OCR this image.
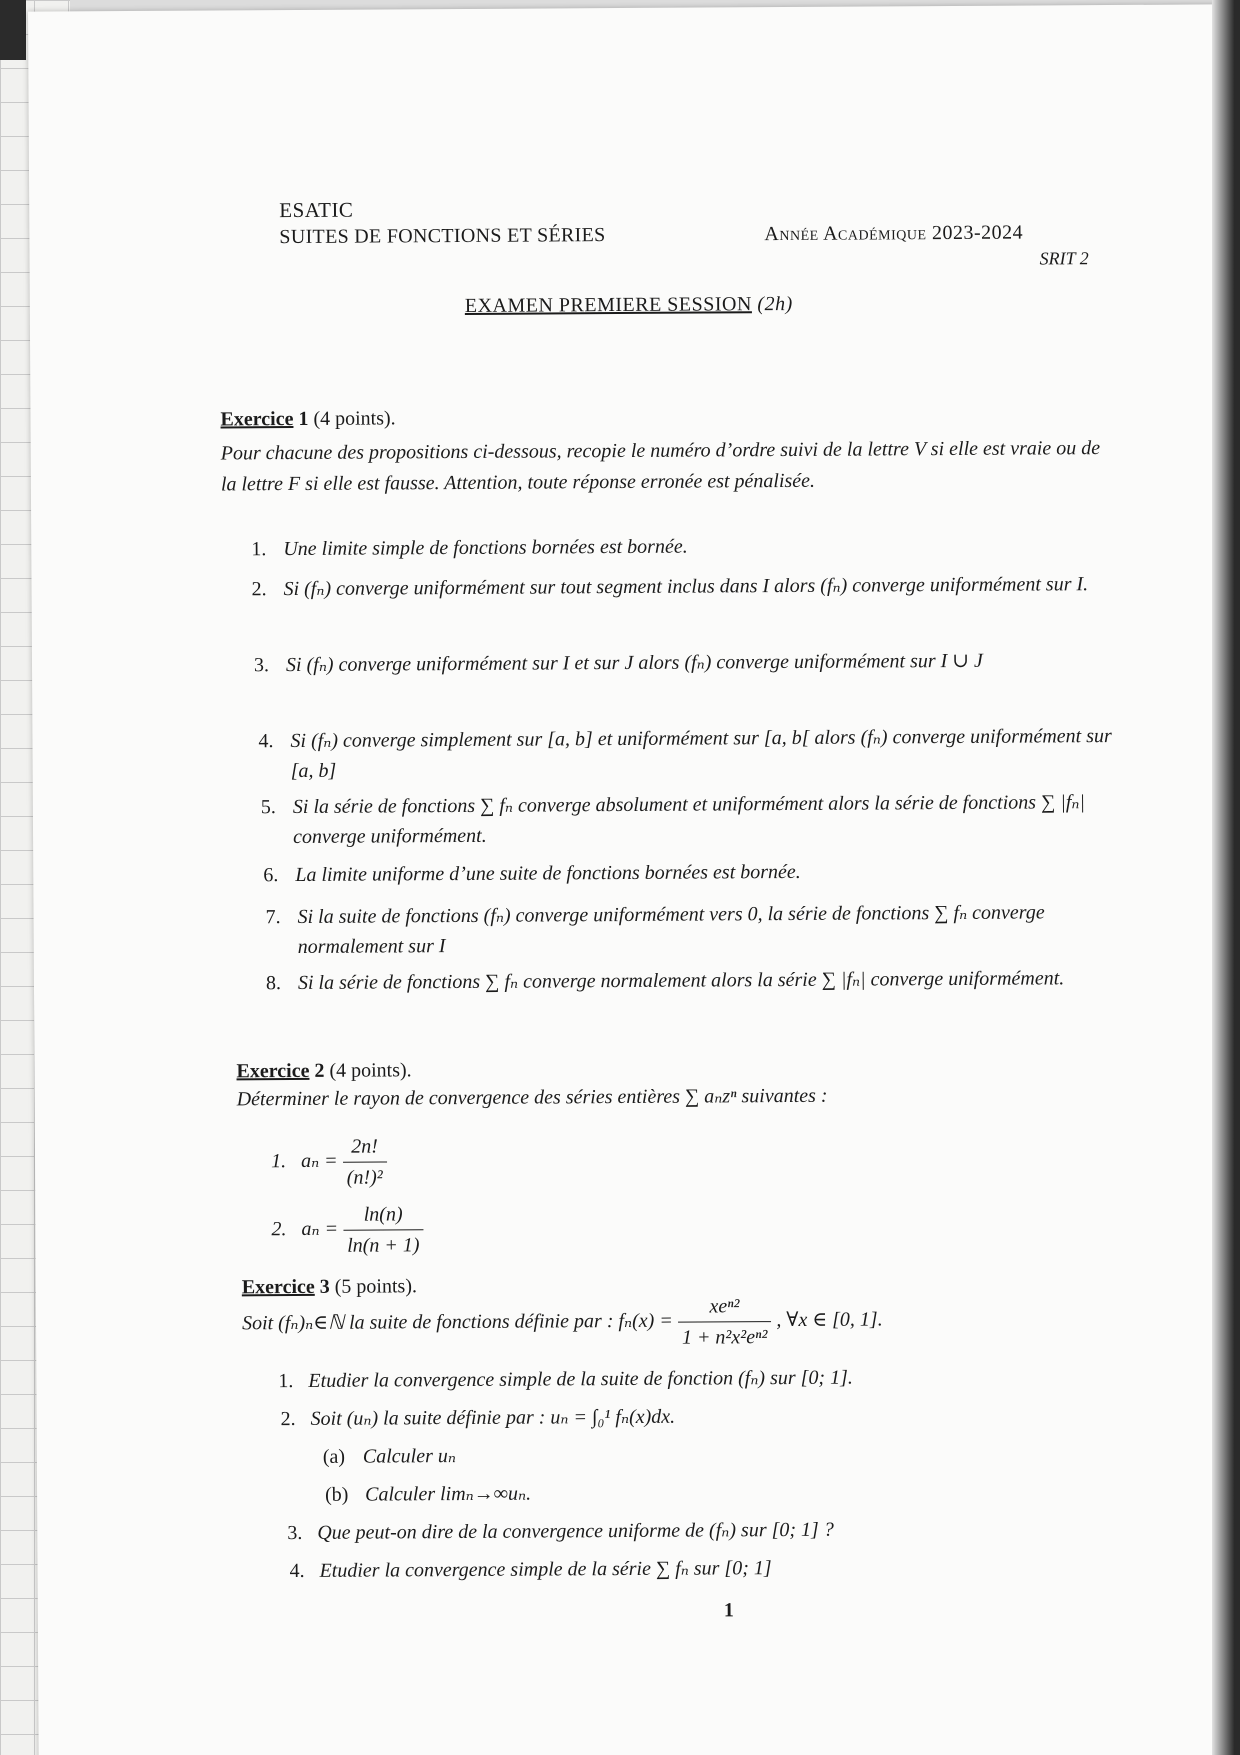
ESATIC
SUITES DE FONCTIONS ET SÉRIES	Année Académique 2023-2024
SRIT 2
EXAMEN PREMIERE SESSION (2h)
Exercice 1 (4 points).
Pour chacune des propositions ci-dessous, recopie le numéro d’ordre suivi de la lettre V si elle est vraie ou de la lettre F si elle est fausse. Attention, toute réponse erronée est pénalisée.
1. Une limite simple de fonctions bornées est bornée.
2. Si (fₙ) converge uniformément sur tout segment inclus dans I alors (fₙ) converge uniformément sur I.
3. Si (fₙ) converge uniformément sur I et sur J alors (fₙ) converge uniformément sur I ∪ J
4. Si (fₙ) converge simplement sur [a, b] et uniformément sur [a, b[ alors (fₙ) converge uniformément sur [a, b]
5. Si la série de fonctions ∑ fₙ converge absolument et uniformément alors la série de fonctions ∑ |fₙ| converge uniformément.
6. La limite uniforme d’une suite de fonctions bornées est bornée.
7. Si la suite de fonctions (fₙ) converge uniformément vers 0, la série de fonctions ∑ fₙ converge normalement sur I
8. Si la série de fonctions ∑ fₙ converge normalement alors la série ∑ |fₙ| converge uniformément.
Exercice 2 (4 points).
Déterminer le rayon de convergence des séries entières ∑ aₙzⁿ suivantes :
1. $a_n = \frac{2n!}{\text{(n!)²}}$
2. $a_n = \frac{\ln(n)}{\ln(n + 1)}$
Exercice 3 (5 points).
Soit (fₙ)ₙ∈ℕ la suite de fonctions définie par : $f_n(x) = \frac{\text{xeⁿ²}}{\text{1 + n²x²eⁿ²}}$ , ∀x ∈ [0, 1].
1. Etudier la convergence simple de la suite de fonction (fₙ) sur [0; 1].
2. Soit (uₙ) la suite définie par : uₙ = ∫₀¹ fₙ(x)dx.
(a) Calculer uₙ
(b) Calculer limₙ→∞uₙ.
3. Que peut-on dire de la convergence uniforme de (fₙ) sur [0; 1] ?
4. Etudier la convergence simple de la série ∑ fₙ sur [0; 1]
1
